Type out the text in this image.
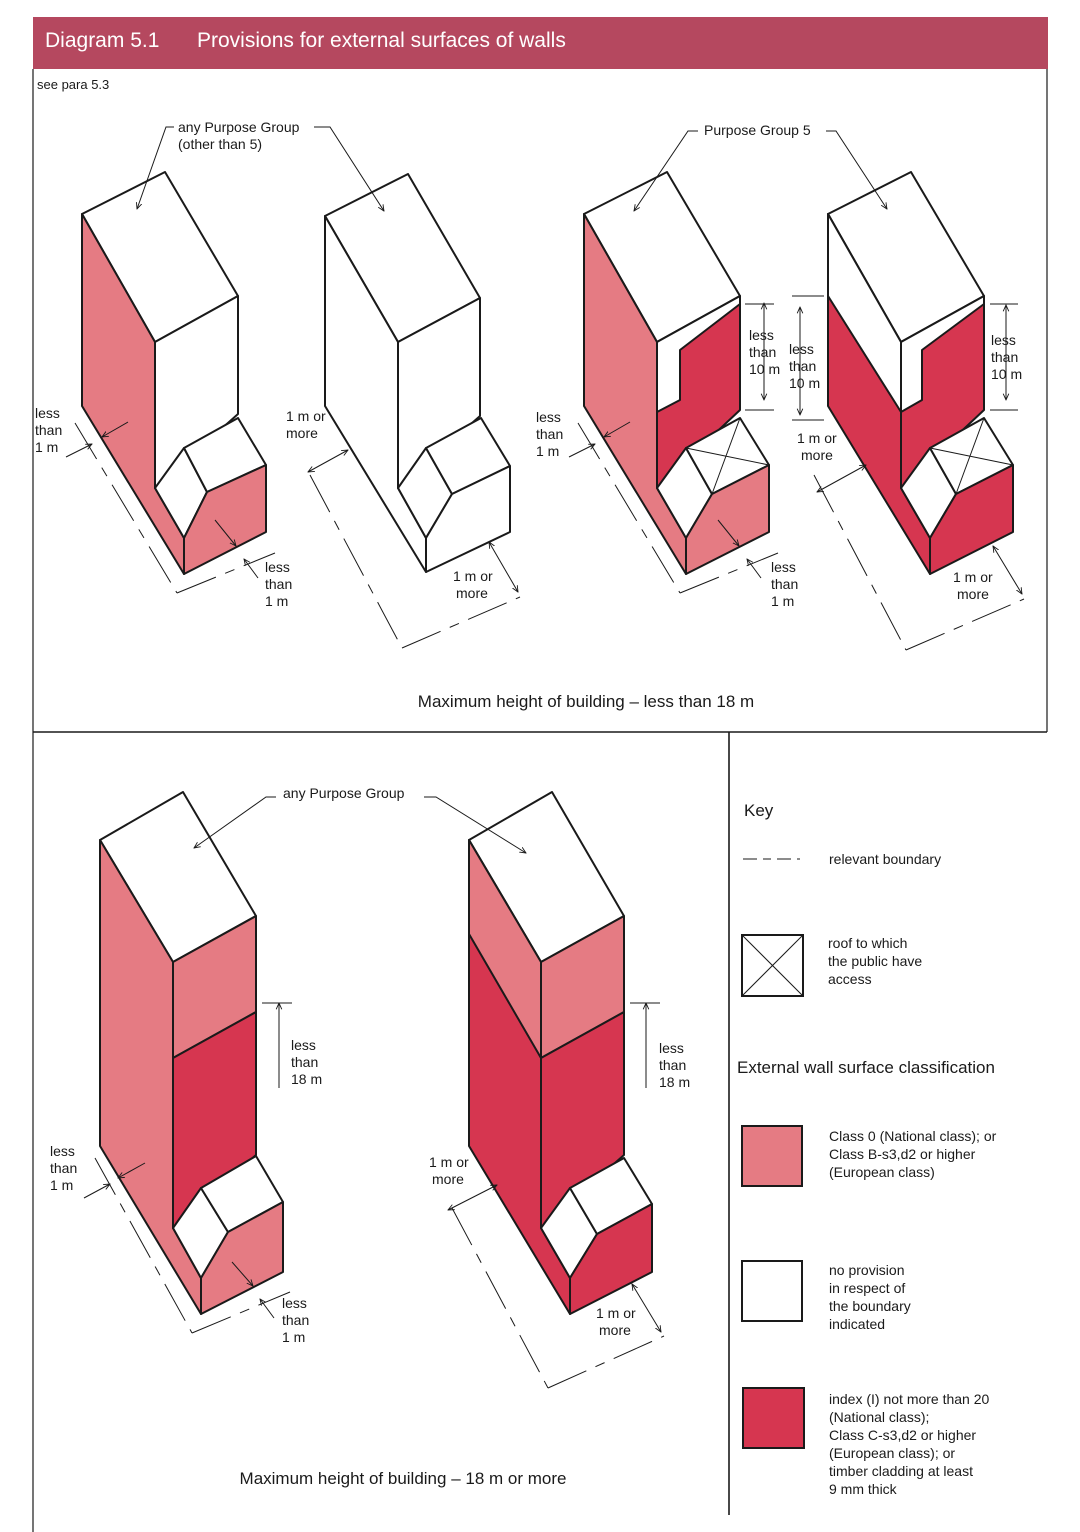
Diagram 5.1 Provisions for external surfaces of walls
see para 5.3
less than 1 m
less than 1 m
1 m or more
1 m or more
any Purpose Group (other than 5)
less than 1 m
less than 1 m
less than 10 m
1 m or more
1 m or more
less than 10 m
less than 10 m
Purpose Group 5
Maximum height of building – less than 18 m
less than 1 m
less than 1 m
less than 18 m
1 m or more
1 m or more
less than 18 m
any Purpose Group
Maximum height of building – 18 m or more
Key
relevant boundary
roof to which the public have access
External wall surface classification
Class 0 (National class); or Class B-s3,d2 or higher (European class)
no provision in respect of the boundary indicated
index (I) not more than 20 (National class); Class C-s3,d2 or higher (European class); or timber cladding at least 9 mm thick
